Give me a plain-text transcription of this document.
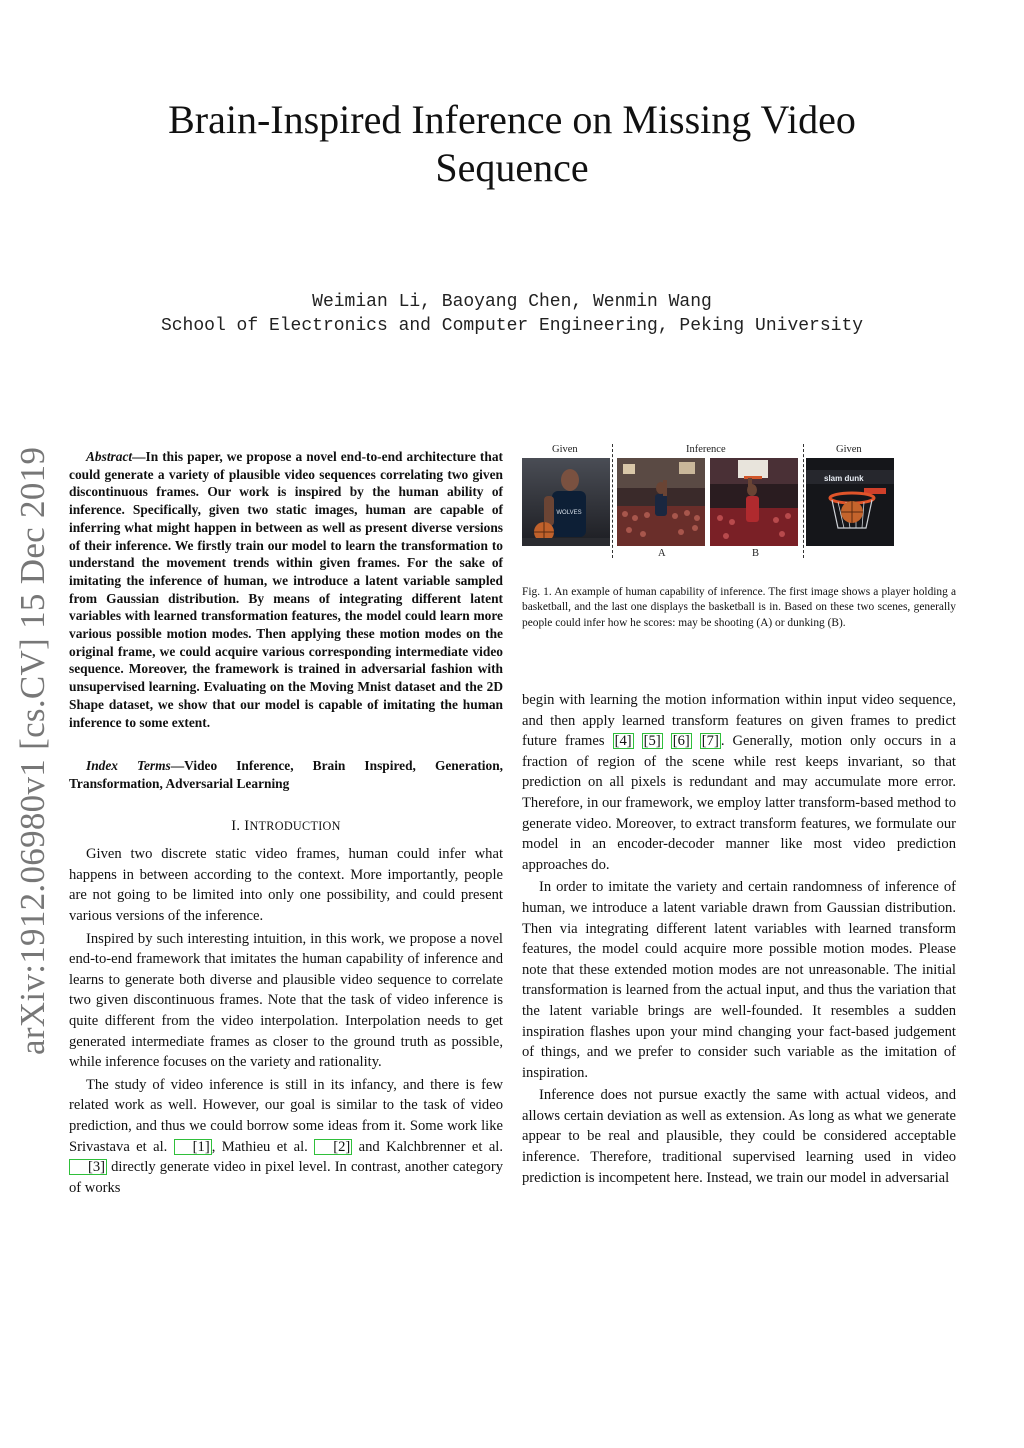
arXiv:1912.06980v1 [cs.CV] 15 Dec 2019
Brain-Inspired Inference on Missing Video
Sequence
Weimian Li, Baoyang Chen, Wenmin Wang
School of Electronics and Computer Engineering, Peking University
Abstract—In this paper, we propose a novel end-to-end architecture that could generate a variety of plausible video sequences correlating two given discontinuous frames. Our work is inspired by the human ability of inference. Specifically, given two static images, human are capable of inferring what might happen in between as well as present diverse versions of their inference. We firstly train our model to learn the transformation to understand the movement trends within given frames. For the sake of imitating the inference of human, we introduce a latent variable sampled from Gaussian distribution. By means of integrating different latent variables with learned transformation features, the model could learn more various possible motion modes. Then applying these motion modes on the original frame, we could acquire various corresponding intermediate video sequence. Moreover, the framework is trained in adversarial fashion with unsupervised learning. Evaluating on the Moving Mnist dataset and the 2D Shape dataset, we show that our model is capable of imitating the human inference to some extent.
Index Terms—Video Inference, Brain Inspired, Generation, Transformation, Adversarial Learning
I. INTRODUCTION

Given two discrete static video frames, human could infer what happens in between according to the context. More importantly, people are not going to be limited into only one possibility, and could present various versions of the inference.

Inspired by such interesting intuition, in this work, we propose a novel end-to-end framework that imitates the human capability of inference and learns to generate both diverse and plausible video sequence to correlate two given discontinuous frames. Note that the task of video inference is quite different from the video interpolation. Interpolation needs to get generated intermediate frames as closer to the ground truth as possible, while inference focuses on the variety and rationality.

The study of video inference is still in its infancy, and there is few related work as well. However, our goal is similar to the task of video prediction, and thus we could borrow some ideas from it. Some work like Srivastava et al. [1] , Mathieu et al. [2] and Kalchbrenner et al. [3] directly generate video in pixel level. In contrast, another category of works

Given	Inference	Given
WOLVES
slam dunk
A	B
Fig. 1. An example of human capability of inference. The first image shows a player holding a basketball, and the last one displays the basketball is in. Based on these two scenes, generally people could infer how he scores: may be shooting (A) or dunking (B).

begin with learning the motion information within input video sequence, and then apply learned transform features on given frames to predict future frames [4] [5] [6] [7] . Generally, motion only occurs in a fraction of region of the scene while rest keeps invariant, so that prediction on all pixels is redundant and may accumulate more error. Therefore, in our framework, we employ latter transform-based method to generate video. Moreover, to extract transform features, we formulate our model in an encoder-decoder manner like most video prediction approaches do.

In order to imitate the variety and certain randomness of inference of human, we introduce a latent variable drawn from Gaussian distribution. Then via integrating different latent variables with learned transform features, the model could acquire more possible motion modes. Please note that these extended motion modes are not unreasonable. The initial transformation is learned from the actual input, and thus the variation that the latent variable brings are well-founded. It resembles a sudden inspiration flashes upon your mind changing your fact-based judgement of things, and we prefer to consider such variable as the imitation of inspiration.

Inference does not pursue exactly the same with actual videos, and allows certain deviation as well as extension. As long as what we generate appear to be real and plausible, they could be considered acceptable inference. Therefore, traditional supervised learning used in video prediction is incompetent here. Instead, we train our model in adversarial
